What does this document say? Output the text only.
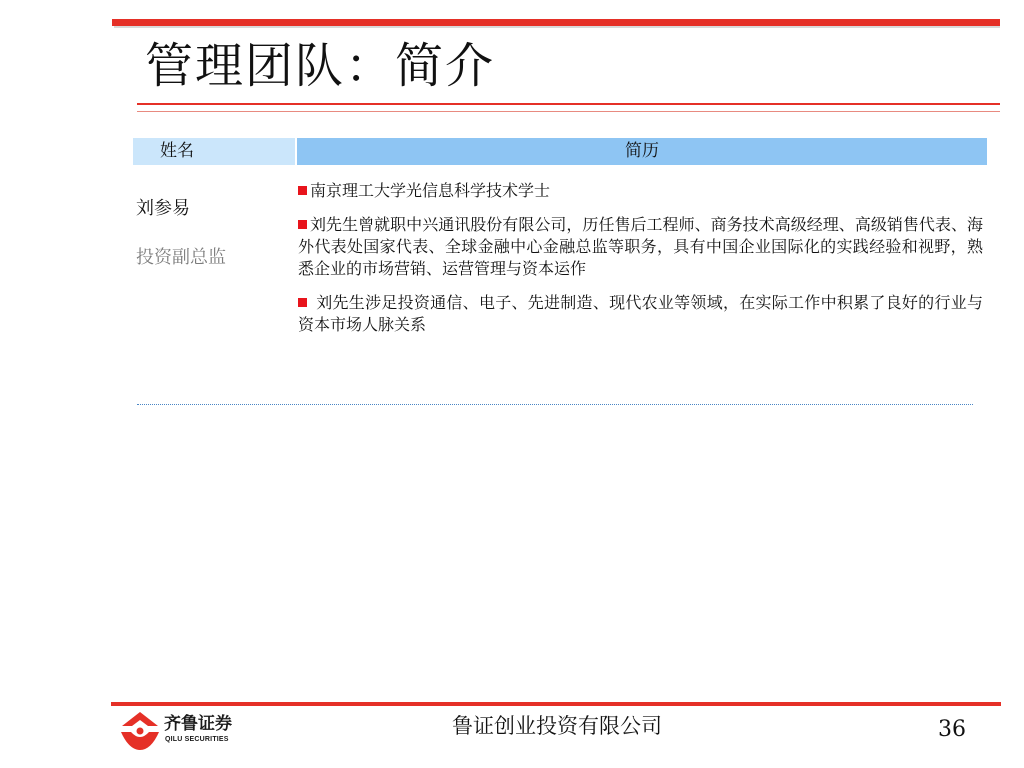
管理团队：简介
姓名	简历
刘参易
投资副总监
南京理工大学光信息科学技术学士
刘先生曾就职中兴通讯股份有限公司，历任售后工程师、商务技术高级经理、高级销售代表、海外代表处国家代表、全球金融中心金融总监等职务，具有中国企业国际化的实践经验和视野，熟悉企业的市场营销、运营管理与资本运作
刘先生涉足投资通信、电子、先进制造、现代农业等领域，在实际工作中积累了良好的行业与资本市场人脉关系
齐鲁证券
QILU SECURITIES
鲁证创业投资有限公司	36
